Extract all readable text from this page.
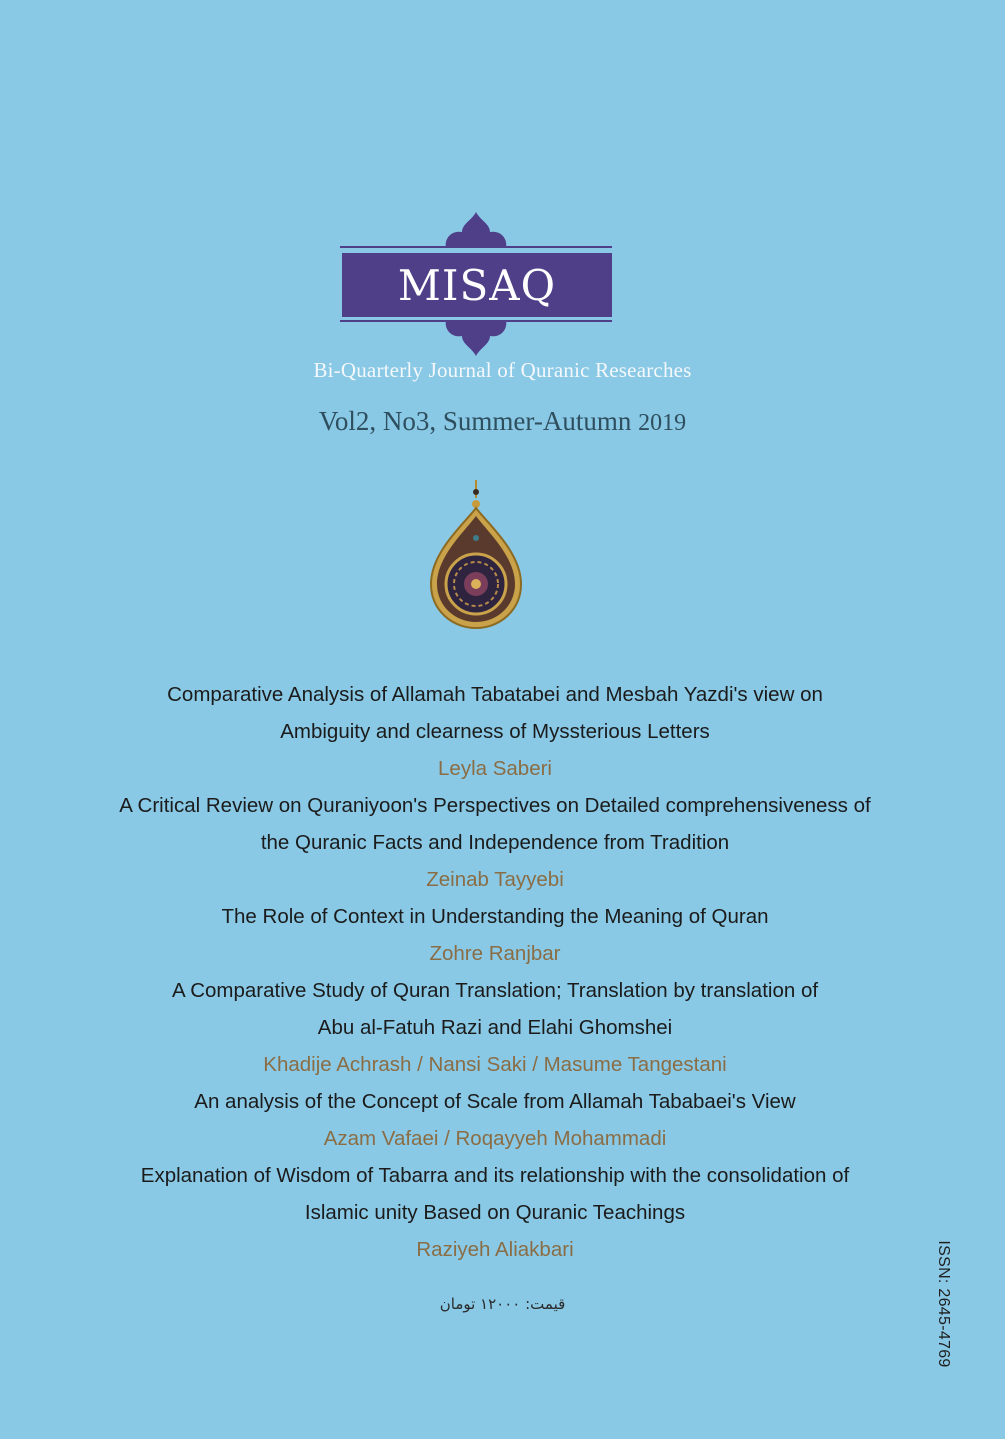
MISAQ
Bi-Quarterly Journal of Quranic Researches
Vol2, No3, Summer-Autumn 2019
Comparative Analysis of Allamah Tabatabei and Mesbah Yazdi's view on
Ambiguity and clearness of Myssterious Letters
Leyla Saberi
A Critical Review on Quraniyoon's Perspectives on Detailed comprehensiveness of
the Quranic Facts and Independence from Tradition
Zeinab Tayyebi
The Role of Context in Understanding the Meaning of Quran
Zohre Ranjbar
A Comparative Study of Quran Translation; Translation by translation of
Abu al-Fatuh Razi and Elahi Ghomshei
Khadije Achrash / Nansi Saki / Masume Tangestani
An analysis of the Concept of Scale from Allamah Tababaei's View
Azam Vafaei / Roqayyeh Mohammadi
Explanation of Wisdom of Tabarra and its relationship with the consolidation of
Islamic unity Based on Quranic Teachings
Raziyeh Aliakbari
قیمت: ۱۲۰۰۰ تومان	ISSN: 2645-4769
